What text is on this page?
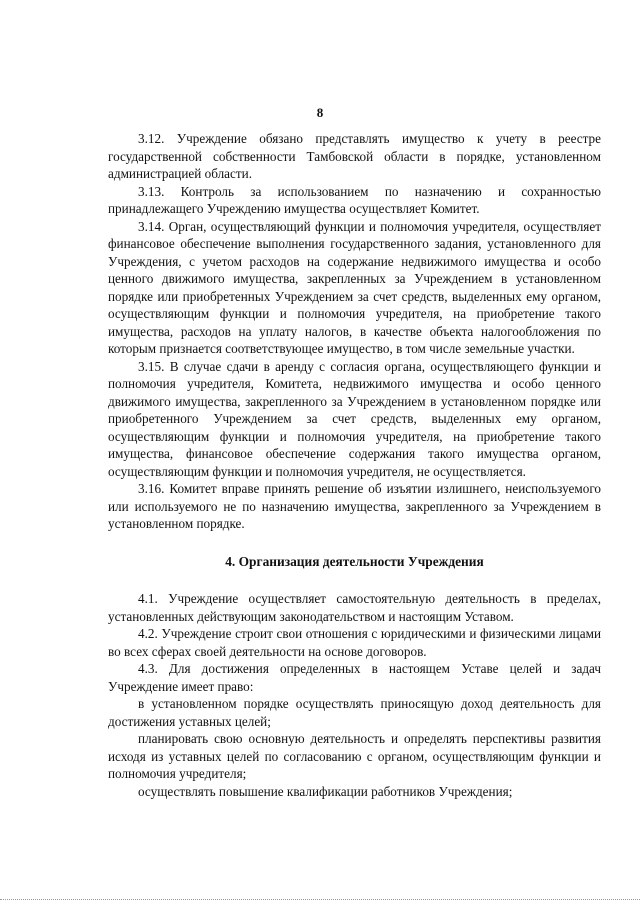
8

3.12. Учреждение обязано представлять имущество к учету в реестре государственной собственности Тамбовской области в порядке, установленном администрацией области.

3.13. Контроль за использованием по назначению и сохранностью принадлежащего Учреждению имущества осуществляет Комитет.

3.14. Орган, осуществляющий функции и полномочия учредителя, осуществляет финансовое обеспечение выполнения государственного задания, установленного для Учреждения, с учетом расходов на содержание недвижимого имущества и особо ценного движимого имущества, закрепленных за Учреждением в установленном порядке или приобретенных Учреждением за счет средств, выделенных ему органом, осуществляющим функции и полномочия учредителя, на приобретение такого имущества, расходов на уплату налогов, в качестве объекта налогообложения по которым признается соответствующее имущество, в том числе земельные участки.

3.15. В случае сдачи в аренду с согласия органа, осуществляющего функции и полномочия учредителя, Комитета, недвижимого имущества и особо ценного движимого имущества, закрепленного за Учреждением в установленном порядке или приобретенного Учреждением за счет средств, выделенных ему органом, осуществляющим функции и полномочия учредителя, на приобретение такого имущества, финансовое обеспечение содержания такого имущества органом, осуществляющим функции и полномочия учредителя, не осуществляется.

3.16. Комитет вправе принять решение об изъятии излишнего, неиспользуемого или используемого не по назначению имущества, закрепленного за Учреждением в установленном порядке.

4. Организация деятельности Учреждения

4.1. Учреждение осуществляет самостоятельную деятельность в пределах, установленных действующим законодательством и настоящим Уставом.

4.2. Учреждение строит свои отношения с юридическими и физическими лицами во всех сферах своей деятельности на основе договоров.

4.3. Для достижения определенных в настоящем Уставе целей и задач Учреждение имеет право:

в установленном порядке осуществлять приносящую доход деятельность для достижения уставных целей;

планировать свою основную деятельность и определять перспективы развития исходя из уставных целей по согласованию с органом, осуществляющим функции и полномочия учредителя;

осуществлять повышение квалификации работников Учреждения;
